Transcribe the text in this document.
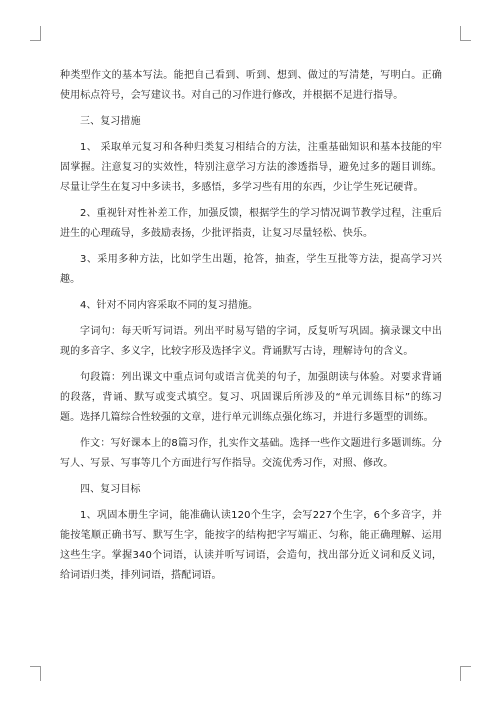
种类型作文的基本写法。能把自己看到、听到、想到、做过的写清楚，写明白。正确使用标点符号，会写建议书。对自己的习作进行修改，并根据不足进行指导。

三、复习措施

1、 采取单元复习和各种归类复习相结合的方法，注重基础知识和基本技能的牢固掌握。注意复习的实效性，特别注意学习方法的渗透指导，避免过多的题目训练。尽量让学生在复习中多读书，多感悟，多学习些有用的东西，少让学生死记硬背。

2、重视针对性补差工作，加强反馈，根据学生的学习情况调节教学过程，注重后进生的心理疏导，多鼓励表扬，少批评指责，让复习尽量轻松、快乐。

3、采用多种方法，比如学生出题，抢答，抽查，学生互批等方法，提高学习兴趣。

4、针对不同内容采取不同的复习措施。

字词句：每天听写词语。列出平时易写错的字词，反复听写巩固。摘录课文中出现的多音字、多义字，比较字形及选择字义。背诵默写古诗，理解诗句的含义。

句段篇：列出课文中重点词句或语言优美的句子，加强朗读与体验。对要求背诵的段落，背诵、默写或变式填空。复习、巩固课后所涉及的“单元训练目标”的练习题。选择几篇综合性较强的文章，进行单元训练点强化练习，并进行多题型的训练。

作文：写好课本上的8篇习作，扎实作文基础。选择一些作文题进行多题训练。分写人、写景、写事等几个方面进行写作指导。交流优秀习作，对照、修改。

四、复习目标

1、巩固本册生字词，能准确认读120个生字，会写227个生字，6个多音字，并能按笔顺正确书写、默写生字，能按字的结构把字写端正、匀称，能正确理解、运用这些生字。掌握340个词语，认读并听写词语，会造句，找出部分近义词和反义词，给词语归类，排列词语，搭配词语。
